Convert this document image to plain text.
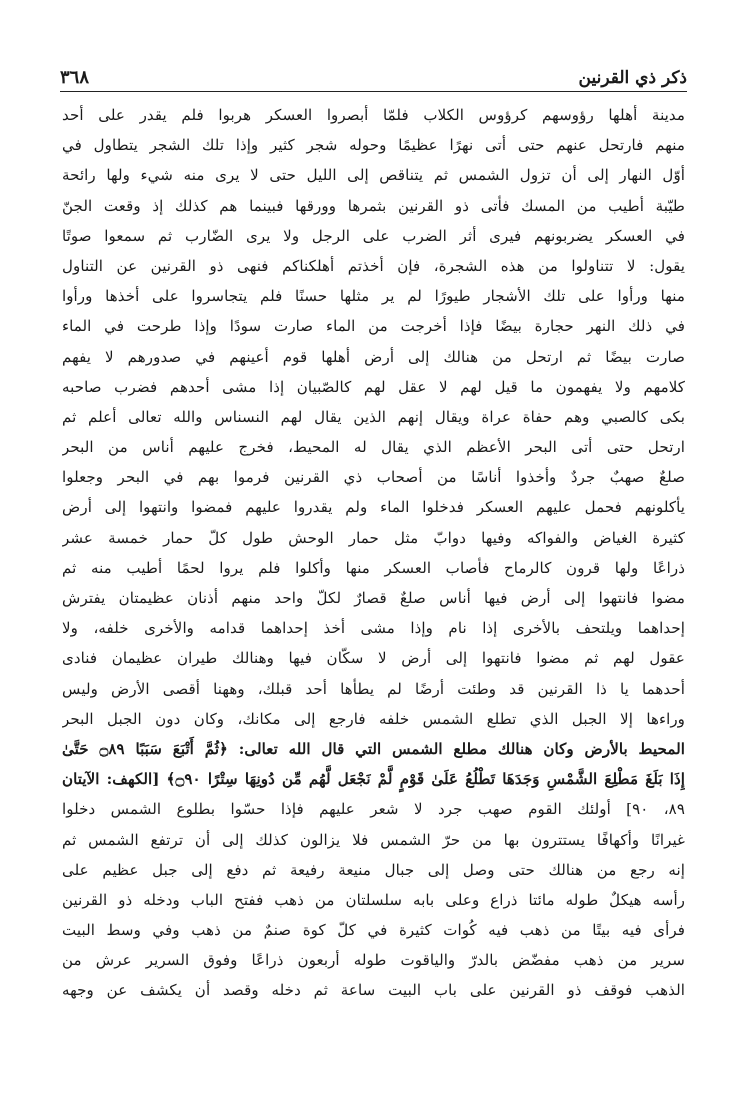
ذكر ذي القرنين
٣٦٨
مدينة أهلها رؤوسهم كرؤوس الكلاب فلمّا أبصروا العسكر هربوا فلم يقدر على أحد
منهم فارتحل عنهم حتى أتى نهرًا عظيمًا وحوله شجر كثير وإذا تلك الشجر يتطاول في
أوّل النهار إلى أن تزول الشمس ثم يتناقص إلى الليل حتى لا يرى منه شيء ولها رائحة
طيّبة أطيب من المسك فأتى ذو القرنين بثمرها وورقها فبينما هم كذلك إذ وقعت الجنّ
في العسكر يضربونهم فيرى أثر الضرب على الرجل ولا يرى الضّارب ثم سمعوا صوتًا
يقول: لا تتناولوا من هذه الشجرة، فإن أخذتم أهلكناكم فنهى ذو القرنين عن التناول
منها ورأوا على تلك الأشجار طيورًا لم ير مثلها حسنًا فلم يتجاسروا على أخذها ورأوا
في ذلك النهر حجارة بيضًا فإذا أخرجت من الماء صارت سودًا وإذا طرحت في الماء
صارت بيضًا ثم ارتحل من هنالك إلى أرض أهلها قوم أعينهم في صدورهم لا يفهم
كلامهم ولا يفهمون ما قيل لهم لا عقل لهم كالصّبيان إذا مشى أحدهم فضرب صاحبه
بكى كالصبي وهم حفاة عراة ويقال إنهم الذين يقال لهم النسناس والله تعالى أعلم ثم
ارتحل حتى أتى البحر الأعظم الذي يقال له المحيط، فخرج عليهم أناس من البحر
صلعٌ صهبٌ جردٌ وأخذوا أناسًا من أصحاب ذي القرنين فرموا بهم في البحر وجعلوا
يأكلونهم فحمل عليهم العسكر فدخلوا الماء ولم يقدروا عليهم فمضوا وانتهوا إلى أرض
كثيرة الغياض والفواكه وفيها دوابّ مثل حمار الوحش طول كلّ حمار خمسة عشر
ذراعًا ولها قرون كالرماح فأصاب العسكر منها وأكلوا فلم يروا لحمًا أطيب منه ثم
مضوا فانتهوا إلى أرض فيها أناس صلعٌ قصارٌ لكلّ واحد منهم أذنان عظيمتان يفترش
إحداهما ويلتحف بالأخرى إذا نام وإذا مشى أخذ إحداهما قدامه والأخرى خلفه، ولا
عقول لهم ثم مضوا فانتهوا إلى أرض لا سكّان فيها وهنالك طيران عظيمان فنادى
أحدهما يا ذا القرنين قد وطئت أرضًا لم يطأها أحد قبلك، وههنا أقصى الأرض وليس
وراءها إلا الجبل الذي تطلع الشمس خلفه فارجع إلى مكانك، وكان دون الجبل البحر
المحيط بالأرض وكان هنالك مطلع الشمس التي قال الله تعالى: ﴿ثُمَّ أَتْبَعَ سَبَبًا ۝٨٩ حَتَّىٰ
إِذَا بَلَغَ مَطْلِعَ الشَّمْسِ وَجَدَهَا تَطْلُعُ عَلَىٰ قَوْمٍ لَّمْ نَجْعَل لَّهُم مِّن دُونِهَا سِتْرًا ۝٩٠﴾ [الكهف: الآيتان
٨٩، ٩٠] أولئك القوم صهب جرد لا شعر عليهم فإذا حسّوا بطلوع الشمس دخلوا
غيرانًا وأكهافًا يستترون بها من حرّ الشمس فلا يزالون كذلك إلى أن ترتفع الشمس ثم
إنه رجع من هنالك حتى وصل إلى جبال منيعة رفيعة ثم دفع إلى جبل عظيم على
رأسه هيكلٌ طوله مائتا ذراع وعلى بابه سلسلتان من ذهب ففتح الباب ودخله ذو القرنين
فرأى فيه بيتًا من ذهب فيه كُوات كثيرة في كلّ كوة صنمٌ من ذهب وفي وسط البيت
سرير من ذهب مفضّض بالدرّ والياقوت طوله أربعون ذراعًا وفوق السرير عرش من
الذهب فوقف ذو القرنين على باب البيت ساعة ثم دخله وقصد أن يكشف عن وجهه
